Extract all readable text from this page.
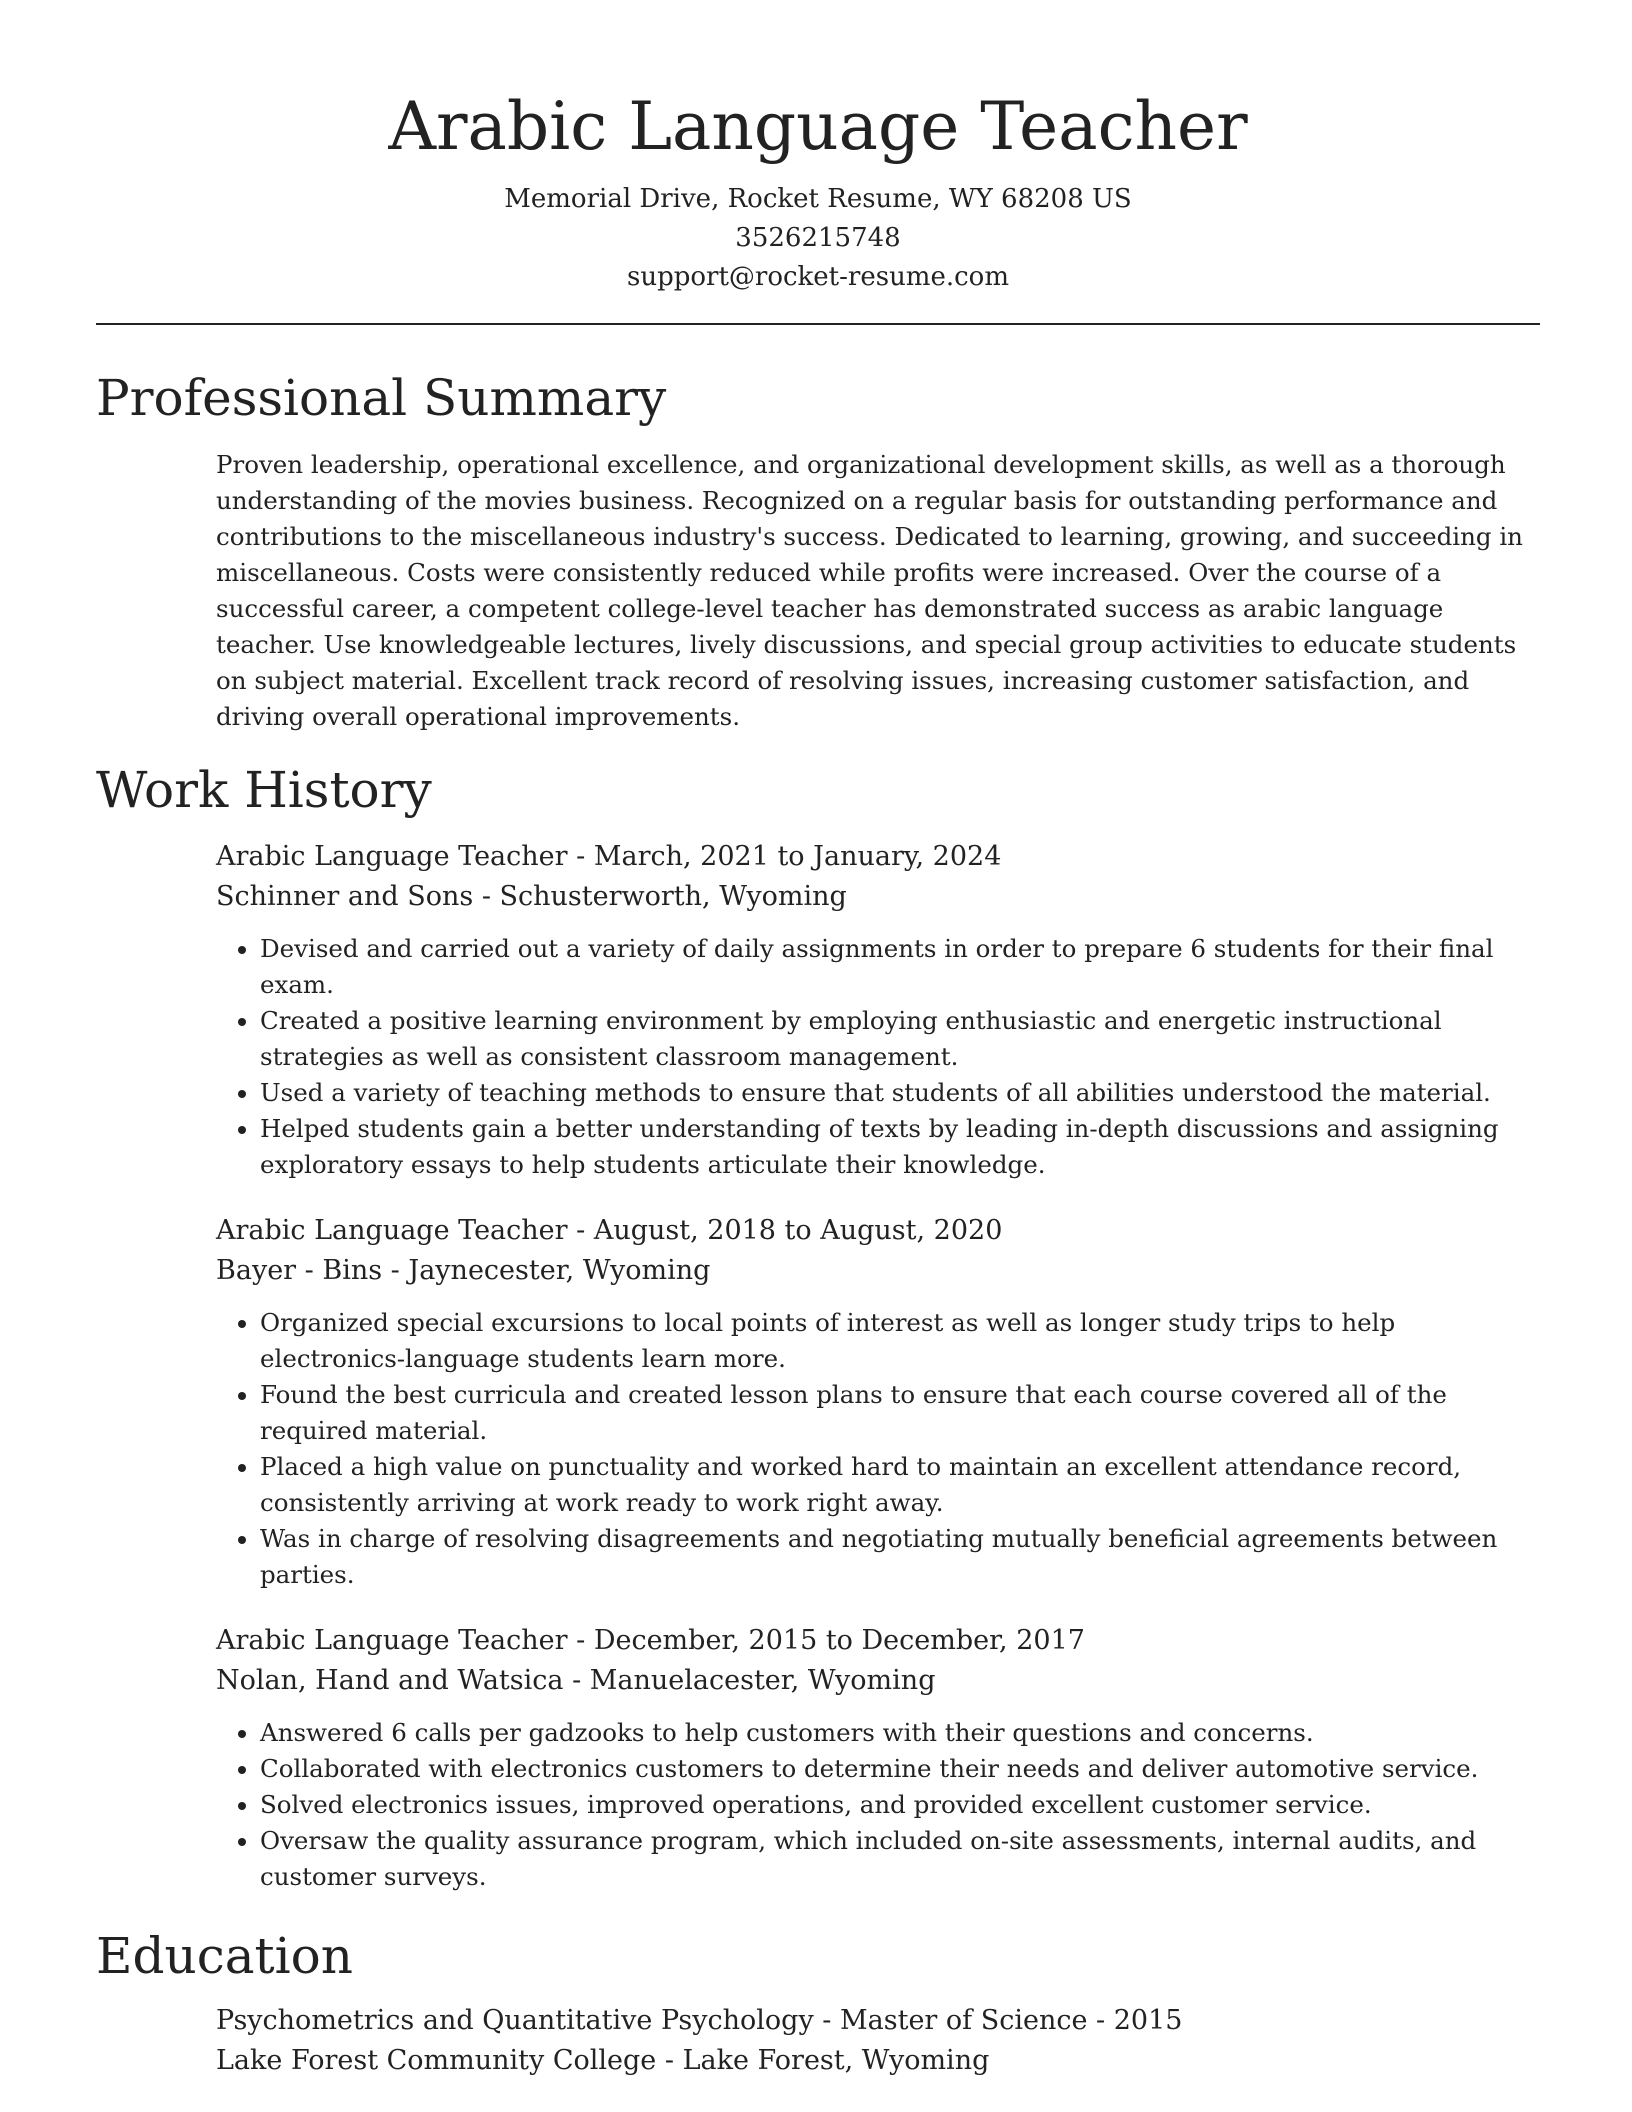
Arabic Language Teacher
Memorial Drive, Rocket Resume, WY 68208 US
3526215748
support@rocket-resume.com
Professional Summary

Proven leadership, operational excellence, and organizational development skills, as well as a thorough understanding of the movies business. Recognized on a regular basis for outstanding performance and contributions to the miscellaneous industry's success. Dedicated to learning, growing, and succeeding in miscellaneous. Costs were consistently reduced while profits were increased. Over the course of a successful career, a competent college-level teacher has demonstrated success as arabic language teacher. Use knowledgeable lectures, lively discussions, and special group activities to educate students on subject material. Excellent track record of resolving issues, increasing customer satisfaction, and driving overall operational improvements.

Work History
Arabic Language Teacher - March, 2021 to January, 2024
Schinner and Sons - Schusterworth, Wyoming
• Devised and carried out a variety of daily assignments in order to prepare 6 students for their final exam.
• Created a positive learning environment by employing enthusiastic and energetic instructional strategies as well as consistent classroom management.
• Used a variety of teaching methods to ensure that students of all abilities understood the material.
• Helped students gain a better understanding of texts by leading in-depth discussions and assigning exploratory essays to help students articulate their knowledge.
Arabic Language Teacher - August, 2018 to August, 2020
Bayer - Bins - Jaynecester, Wyoming
• Organized special excursions to local points of interest as well as longer study trips to help electronics-language students learn more.
• Found the best curricula and created lesson plans to ensure that each course covered all of the required material.
• Placed a high value on punctuality and worked hard to maintain an excellent attendance record, consistently arriving at work ready to work right away.
• Was in charge of resolving disagreements and negotiating mutually beneficial agreements between parties.
Arabic Language Teacher - December, 2015 to December, 2017
Nolan, Hand and Watsica - Manuelacester, Wyoming
• Answered 6 calls per gadzooks to help customers with their questions and concerns.
• Collaborated with electronics customers to determine their needs and deliver automotive service.
• Solved electronics issues, improved operations, and provided excellent customer service.
• Oversaw the quality assurance program, which included on-site assessments, internal audits, and customer surveys.
Education
Psychometrics and Quantitative Psychology - Master of Science - 2015
Lake Forest Community College - Lake Forest, Wyoming
